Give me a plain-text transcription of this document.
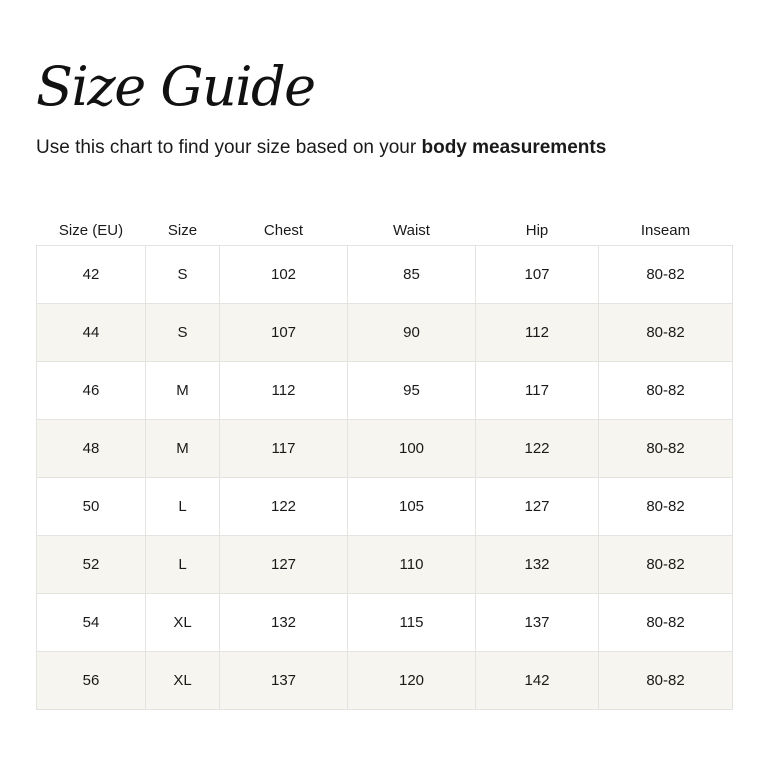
Size Guide

Use this chart to find your size based on your body measurements

Size (EU)	Size	Chest	Waist	Hip	Inseam
42	S	102	85	107	80-82
44	S	107	90	112	80-82
46	M	112	95	117	80-82
48	M	117	100	122	80-82
50	L	122	105	127	80-82
52	L	127	110	132	80-82
54	XL	132	115	137	80-82
56	XL	137	120	142	80-82
